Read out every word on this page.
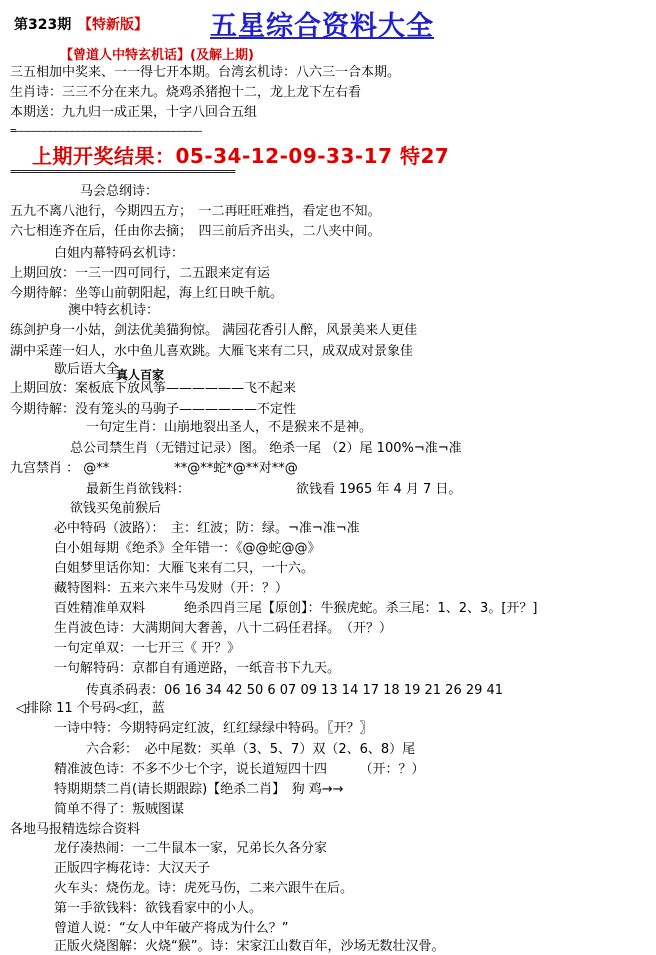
第323期 【特新版】 五星综合资料大全
【曾道人中特玄机话】(及解上期)
三五相加中奖来、一一得七开本期。台湾玄机诗：八六三一合本期。
生肖诗：三三不分在来九。烧鸡杀猪抱十二，龙上龙下左右看
本期送：九九归一成正果，十字八回合五组
=—————————————————————————————————
上期开奖结果：05-34-12-09-33-17 特27
========================================
马会总纲诗：
五九不离八池行，今期四五方；　一二再旺旺难挡，看定也不知。
六七相连齐在后，任由你去摘；　四三前后齐出头，二八夹中间。
白姐内幕特码玄机诗：
上期回放：一三一四可同行，二五跟来定有运
今期待解：坐等山前朝阳起，海上红日映千航。
澳中特玄机诗：
练剑护身一小姑，剑法优美猫狗惊。 满园花香引人醉，风景美来人更佳
湖中采莲一妇人，水中鱼儿喜欢跳。大雁飞来有二只，成双成对景象佳
歇后语大全
真人百家
上期回放：案板底下放风筝——————飞不起来
今期待解：没有笼头的马驹子——————不定性
一句定生肖：山崩地裂出圣人，不是猴来不是神。
总公司禁生肖（无错过记录）图。 绝杀一尾 （2）尾 100%¬准¬准
九宫禁肖 ： @**　　　　　**@**蛇*@**对**@
最新生肖欲钱料：	欲钱看 1965 年 4 月 7 日。
欲钱买兔前猴后
必中特码（波路）：　主：红波；防：绿。¬准¬准¬准
白小姐每期《绝杀》全年错一：《@@蛇@@》
白姐梦里话你知：大雁飞来有二只，一十六。
藏特图料：五来六来牛马发财（开：？）
百姓精准单双料　　　绝杀四肖三尾【原创】：牛猴虎蛇。杀三尾：1、2、3。[开？]
生肖波色诗：大满期间大奢善，八十二码任君择。　（开？）
一句定单双：一七开三《 开？》
一句解特码：京都自有通逆路，一纸音书下九天。
传真杀码表：06 16 34 42 50 6 07 09 13 14 17 18 19 21 26 29 41
◁排除 11 个号码◁红，蓝
一诗中特：今期特码定红波，红红绿绿中特码。〖开？〗
六合彩：　必中尾数：买单（3、5、7）双（2、6、8）尾
精准波色诗：不多不少七个字，说长道短四十四　　　（开：？）
特期期禁二肖(请长期跟踪)【绝杀二肖】　狗 鸡→→
简单不得了：叛贼图谋
各地马报精选综合资料
龙仔凑热闹：一二牛鼠本一家，兄弟长久各分家
正版四字梅花诗：大汉天子
火车头：烧伤龙。诗：虎死马伤，二来六跟牛在后。
第一手欲钱料：欲钱看家中的小人。
曾道人说：“女人中年破产将成为什么？”
正版火烧图解：火烧“猴”。诗：宋家江山数百年，沙场无数壮汉骨。
